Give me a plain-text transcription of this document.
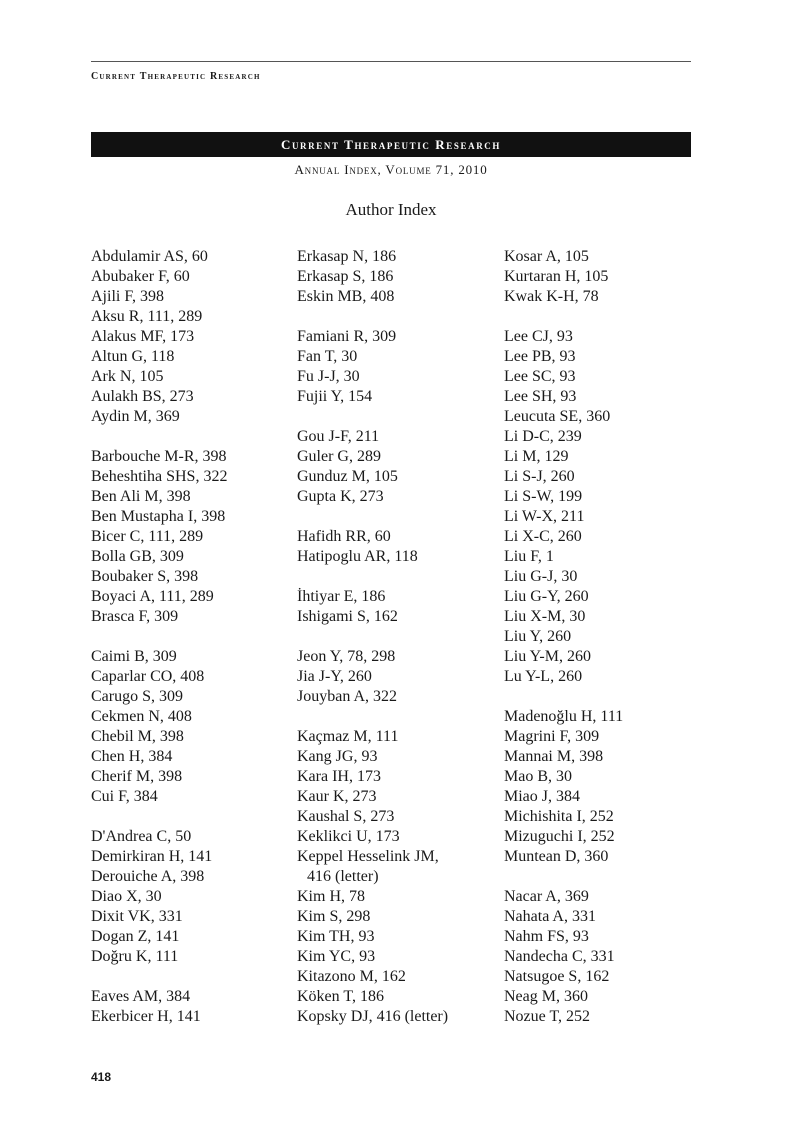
Current Therapeutic Research
Current Therapeutic Research
Annual Index, Volume 71, 2010
Author Index
Abdulamir AS, 60
Abubaker F, 60
Ajili F, 398
Aksu R, 111, 289
Alakus MF, 173
Altun G, 118
Ark N, 105
Aulakh BS, 273
Aydin M, 369
Barbouche M-R, 398
Beheshtiha SHS, 322
Ben Ali M, 398
Ben Mustapha I, 398
Bicer C, 111, 289
Bolla GB, 309
Boubaker S, 398
Boyaci A, 111, 289
Brasca F, 309
Caimi B, 309
Caparlar CO, 408
Carugo S, 309
Cekmen N, 408
Chebil M, 398
Chen H, 384
Cherif M, 398
Cui F, 384
D'Andrea C, 50
Demirkiran H, 141
Derouiche A, 398
Diao X, 30
Dixit VK, 331
Dogan Z, 141
Doğru K, 111
Eaves AM, 384
Ekerbicer H, 141
Erkasap N, 186
Erkasap S, 186
Eskin MB, 408
Famiani R, 309
Fan T, 30
Fu J-J, 30
Fujii Y, 154
Gou J-F, 211
Guler G, 289
Gunduz M, 105
Gupta K, 273
Hafidh RR, 60
Hatipoglu AR, 118
İhtiyar E, 186
Ishigami S, 162
Jeon Y, 78, 298
Jia J-Y, 260
Jouyban A, 322
Kaçmaz M, 111
Kang JG, 93
Kara IH, 173
Kaur K, 273
Kaushal S, 273
Keklikci U, 173
Keppel Hesselink JM,
416 (letter)
Kim H, 78
Kim S, 298
Kim TH, 93
Kim YC, 93
Kitazono M, 162
Köken T, 186
Kopsky DJ, 416 (letter)
Kosar A, 105
Kurtaran H, 105
Kwak K-H, 78
Lee CJ, 93
Lee PB, 93
Lee SC, 93
Lee SH, 93
Leucuta SE, 360
Li D-C, 239
Li M, 129
Li S-J, 260
Li S-W, 199
Li W-X, 211
Li X-C, 260
Liu F, 1
Liu G-J, 30
Liu G-Y, 260
Liu X-M, 30
Liu Y, 260
Liu Y-M, 260
Lu Y-L, 260
Madenoğlu H, 111
Magrini F, 309
Mannai M, 398
Mao B, 30
Miao J, 384
Michishita I, 252
Mizuguchi I, 252
Muntean D, 360
Nacar A, 369
Nahata A, 331
Nahm FS, 93
Nandecha C, 331
Natsugoe S, 162
Neag M, 360
Nozue T, 252
418
